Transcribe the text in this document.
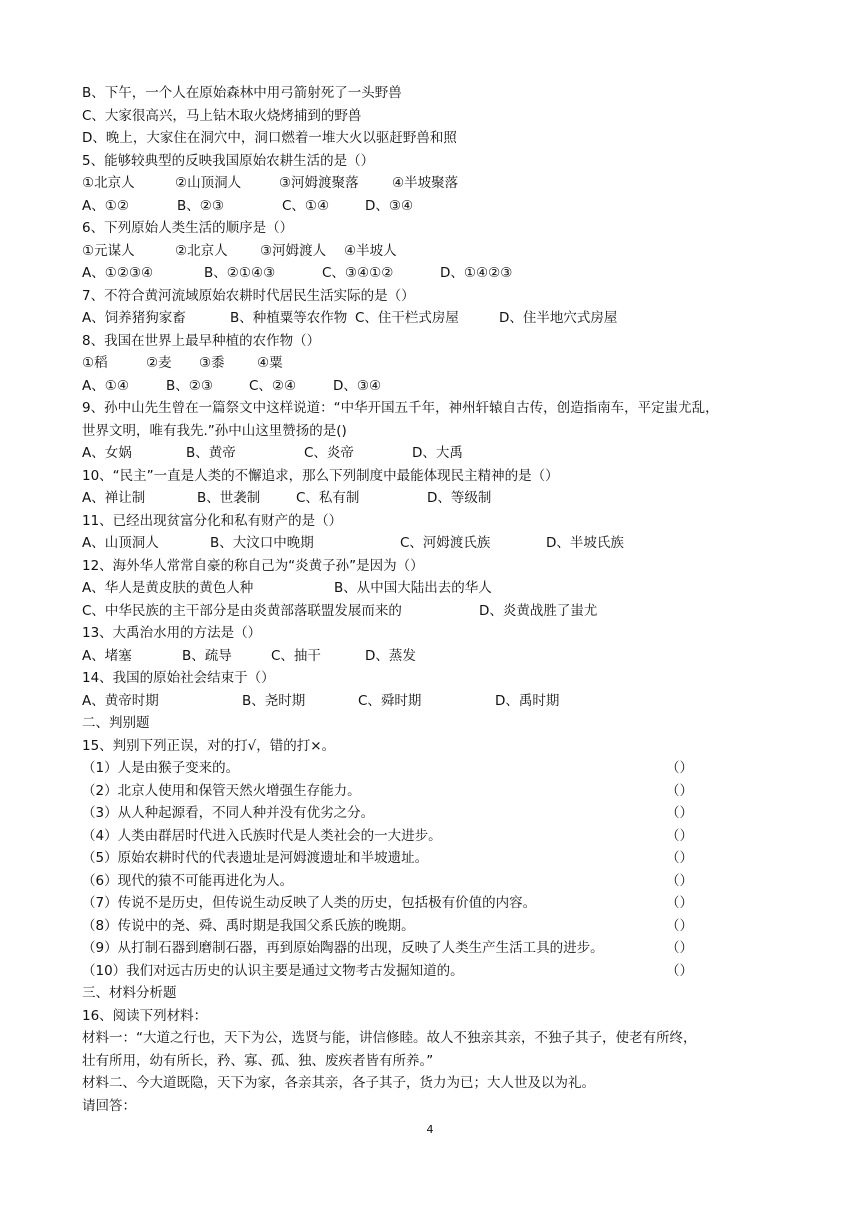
B、下午，一个人在原始森林中用弓箭射死了一头野兽
C、大家很高兴，马上钻木取火烧烤捕到的野兽
D、晚上，大家住在洞穴中，洞口燃着一堆大火以驱赶野兽和照
5、能够较典型的反映我国原始农耕生活的是（）
①北京人	②山顶洞人	③河姆渡聚落 ④半坡聚落
A、①②	B、②③	C、①④	D、③④
6、下列原始人类生活的顺序是（）
①元谋人	②北京人 ③河姆渡人 ④半坡人
A、①②③④	B、②①④③	C、③④①②	D、①④②③
7、不符合黄河流域原始农耕时代居民生活实际的是（）
A、饲养猪狗家畜	B、种植粟等农作物 C、住干栏式房屋	D、住半地穴式房屋
8、我国在世界上最早种植的农作物（）
①稻	②麦 ③黍 ④粟
A、①④	B、②③	C、②④	D、③④
9、孙中山先生曾在一篇祭文中这样说道：“中华开国五千年，神州轩辕自古传，创造指南车，平定蚩尤乱，
世界文明，唯有我先.”孙中山这里赞扬的是()
A、女娲	B、黄帝	C、炎帝	D、大禹
10、“民主”一直是人类的不懈追求，那么下列制度中最能体现民主精神的是（）
A、禅让制	B、世袭制	C、私有制	D、等级制
11、已经出现贫富分化和私有财产的是（）
A、山顶洞人	B、大汶口中晚期	C、河姆渡氏族	D、半坡氏族
12、海外华人常常自豪的称自己为“炎黄子孙”是因为（）
A、华人是黄皮肤的黄色人种	B、从中国大陆出去的华人
C、中华民族的主干部分是由炎黄部落联盟发展而来的	D、炎黄战胜了蚩尤
13、大禹治水用的方法是（）
A、堵塞	B、疏导	C、抽干	D、蒸发
14、我国的原始社会结束于（）
A、黄帝时期	B、尧时期	C、舜时期	D、禹时期
二、判别题
15、判别下列正误，对的打√，错的打×。
（1）人是由猴子变来的。	（）
（2）北京人使用和保管天然火增强生存能力。	（）
（3）从人种起源看，不同人种并没有优劣之分。	（）
（4）人类由群居时代进入氏族时代是人类社会的一大进步。	（）
（5）原始农耕时代的代表遗址是河姆渡遗址和半坡遗址。	（）
（6）现代的猿不可能再进化为人。	（）
（7）传说不是历史，但传说生动反映了人类的历史，包括极有价值的内容。	（）
（8）传说中的尧、舜、禹时期是我国父系氏族的晚期。	（）
（9）从打制石器到磨制石器，再到原始陶器的出现，反映了人类生产生活工具的进步。	（）
（10）我们对远古历史的认识主要是通过文物考古发掘知道的。	（）
三、材料分析题
16、阅读下列材料：
材料一：“大道之行也，天下为公，选贤与能，讲信修睦。故人不独亲其亲，不独子其子，使老有所终，
壮有所用，幼有所长，矜、寡、孤、独、废疾者皆有所养。”
材料二、今大道既隐，天下为家，各亲其亲，各子其子，货力为已；大人世及以为礼。
请回答：
4
